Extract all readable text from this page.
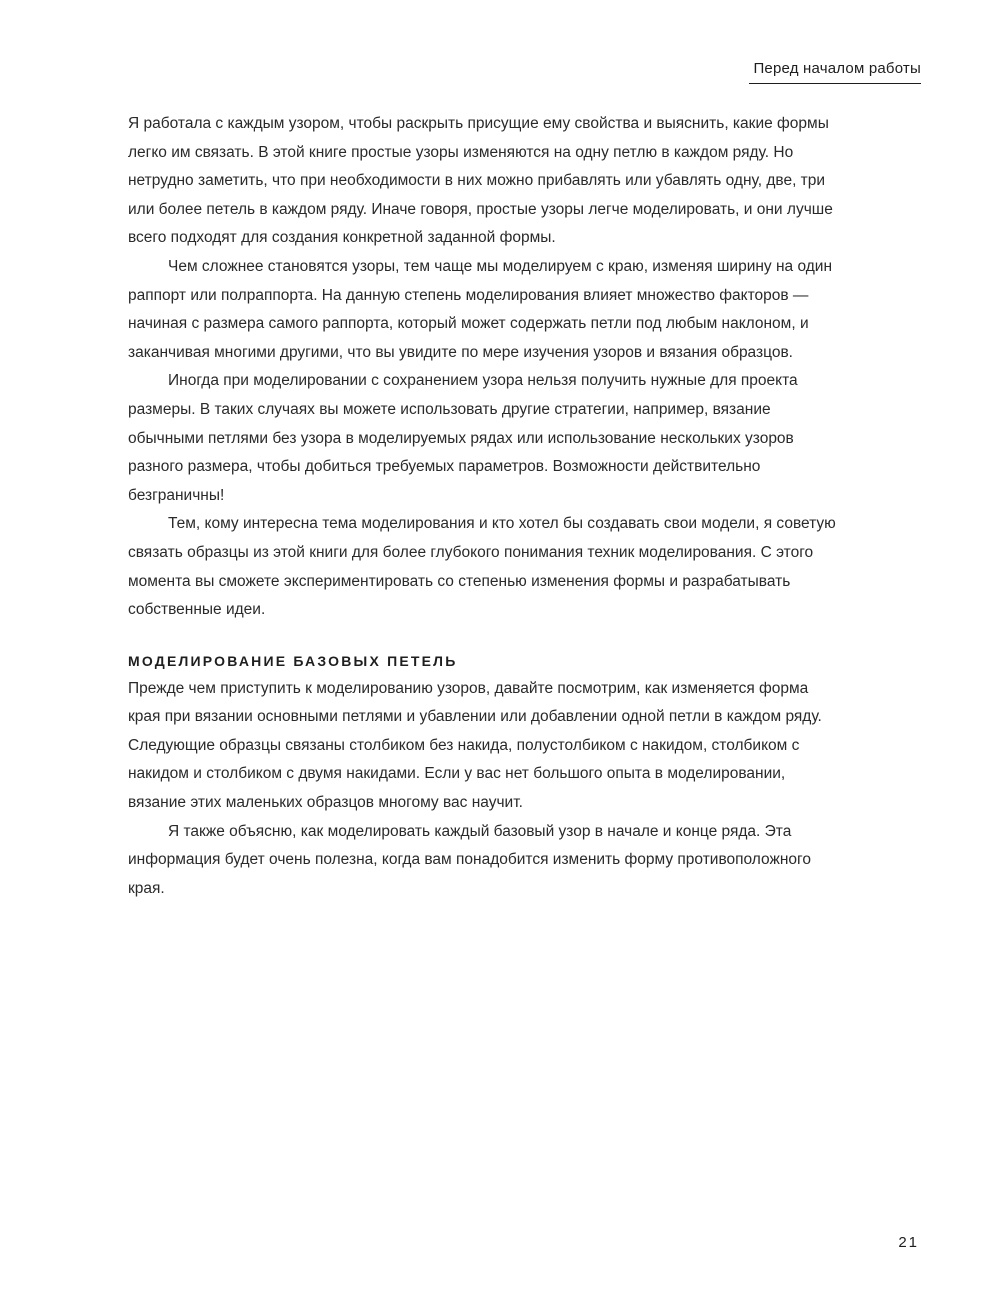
Перед началом работы

Я работала с каждым узором, чтобы раскрыть присущие ему свойства и выяснить, какие формы легко им связать. В этой книге простые узоры изменяются на одну петлю в каждом ряду. Но нетрудно заметить, что при необходимости в них можно прибавлять или убавлять одну, две, три или более петель в каждом ряду. Иначе говоря, простые узоры легче моделировать, и они лучше всего подходят для создания конкретной заданной формы.

Чем сложнее становятся узоры, тем чаще мы моделируем с краю, изменяя ширину на один раппорт или полраппорта. На данную степень моделирования влияет множество факторов — начиная с размера самого раппорта, который может содержать петли под любым наклоном, и заканчивая многими другими, что вы увидите по мере изучения узоров и вязания образцов.

Иногда при моделировании с сохранением узора нельзя получить нужные для проекта размеры. В таких случаях вы можете использовать другие стратегии, например, вязание обычными петлями без узора в моделируемых рядах или использование нескольких узоров разного размера, чтобы добиться требуемых параметров. Возможности действительно безграничны!

Тем, кому интересна тема моделирования и кто хотел бы создавать свои модели, я советую связать образцы из этой книги для более глубокого понимания техник моделирования. С этого момента вы сможете экспериментировать со степенью изменения формы и разрабатывать собственные идеи.

МОДЕЛИРОВАНИЕ БАЗОВЫХ ПЕТЕЛЬ

Прежде чем приступить к моделированию узоров, давайте посмотрим, как изменяется форма края при вязании основными петлями и убавлении или добавлении одной петли в каждом ряду. Следующие образцы связаны столбиком без накида, полустолбиком с накидом, столбиком с накидом и столбиком с двумя накидами. Если у вас нет большого опыта в моделировании, вязание этих маленьких образцов многому вас научит.

Я также объясню, как моделировать каждый базовый узор в начале и конце ряда. Эта информация будет очень полезна, когда вам понадобится изменить форму противоположного края.

21
